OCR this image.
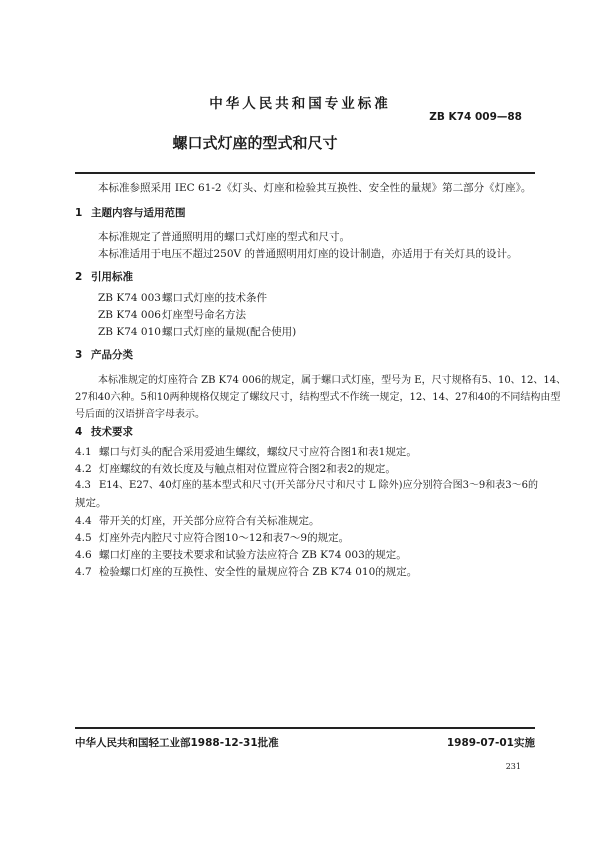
中华人民共和国专业标准
ZB K74 009—88
螺口式灯座的型式和尺寸
本标准参照采用 IEC 61-2《灯头、灯座和检验其互换性、安全性的量规》第二部分《灯座》。
1 主题内容与适用范围
本标准规定了普通照明用的螺口式灯座的型式和尺寸。
本标准适用于电压不超过250V 的普通照明用灯座的设计制造，亦适用于有关灯具的设计。
2 引用标准
ZB K74 003螺口式灯座的技术条件
ZB K74 006灯座型号命名方法
ZB K74 010螺口式灯座的量规(配合使用)
3 产品分类
本标准规定的灯座符合 ZB K74 006的规定，属于螺口式灯座，型号为 E，尺寸规格有5、10、12、14、
27和40六种。5和10两种规格仅规定了螺纹尺寸，结构型式不作统一规定，12、14、27和40的不同结构由型
号后面的汉语拼音字母表示。
4 技术要求
4.1 螺口与灯头的配合采用爱迪生螺纹，螺纹尺寸应符合图1和表1规定。
4.2 灯座螺纹的有效长度及与触点相对位置应符合图2和表2的规定。
4.3 E14、E27、40灯座的基本型式和尺寸(开关部分尺寸和尺寸 L 除外)应分别符合图3～9和表3～6的
规定。
4.4 带开关的灯座，开关部分应符合有关标准规定。
4.5 灯座外壳内腔尺寸应符合图10～12和表7～9的规定。
4.6 螺口灯座的主要技术要求和试验方法应符合 ZB K74 003的规定。
4.7 检验螺口灯座的互换性、安全性的量规应符合 ZB K74 010的规定。
中华人民共和国轻工业部1988-12-31批准	1989-07-01实施
231
